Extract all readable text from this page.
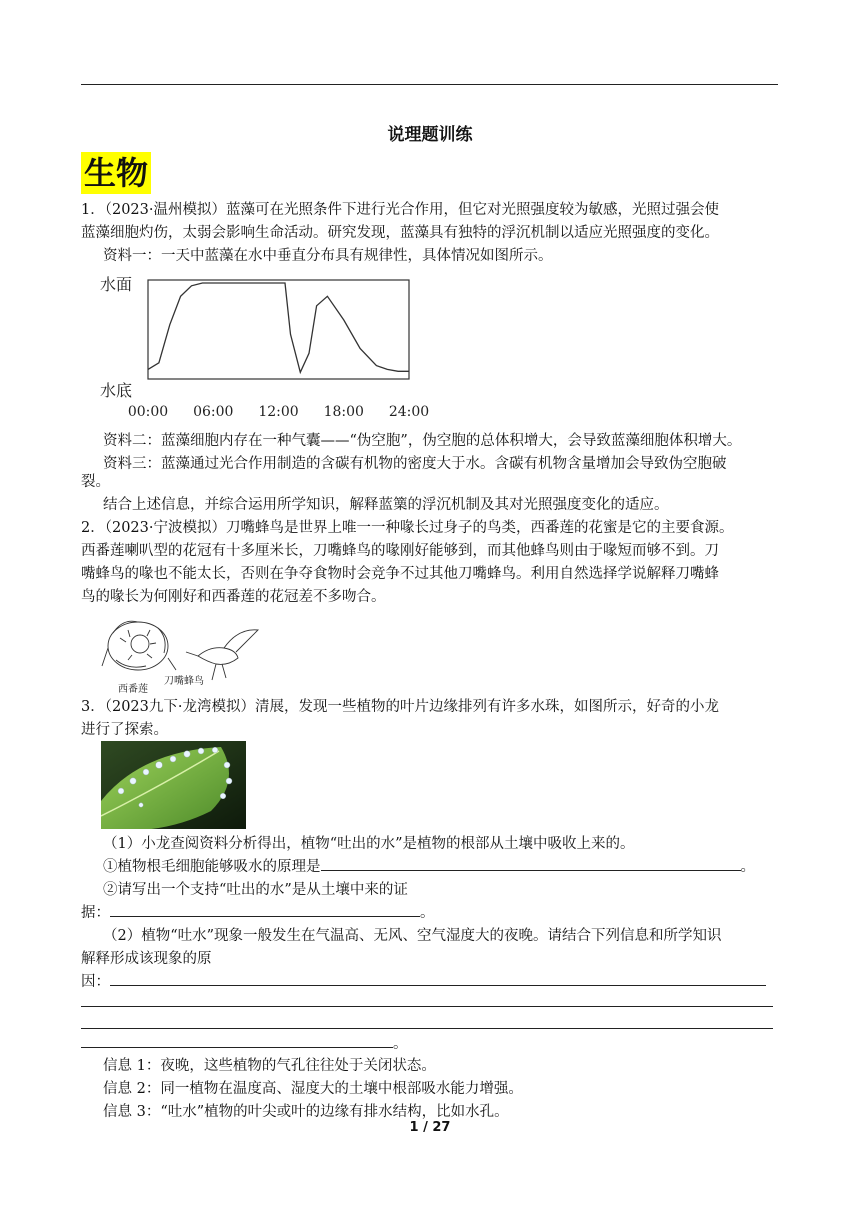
说理题训练
生物
1．（2023·温州模拟）蓝藻可在光照条件下进行光合作用，但它对光照强度较为敏感，光照过强会使
蓝藻细胞灼伤，太弱会影响生命活动。研究发现，蓝藻具有独特的浮沉机制以适应光照强度的变化。
资料一：一天中蓝藻在水中垂直分布具有规律性，具体情况如图所示。
水面
水底
00:00 06:00 12:00 18:00 24:00
资料二：蓝藻细胞内存在一种气囊——“伪空胞”，伪空胞的总体积增大，会导致蓝藻细胞体积增大。
资料三：蓝藻通过光合作用制造的含碳有机物的密度大于水。含碳有机物含量增加会导致伪空胞破
裂。
结合上述信息，并综合运用所学知识，解释蓝篥的浮沉机制及其对光照强度变化的适应。
2．（2023·宁波模拟）刀嘴蜂鸟是世界上唯一一种喙长过身子的鸟类，西番莲的花蜜是它的主要食源。
西番莲喇叭型的花冠有十多厘米长，刀嘴蜂鸟的喙刚好能够到，而其他蜂鸟则由于喙短而够不到。刀
嘴蜂鸟的喙也不能太长，否则在争夺食物时会竞争不过其他刀嘴蜂鸟。利用自然选择学说解释刀嘴蜂
鸟的喙长为何刚好和西番莲的花冠差不多吻合。
西番莲
刀嘴蜂鸟
3．（2023九下·龙湾模拟）清展，发现一些植物的叶片边缘排列有许多水珠，如图所示，好奇的小龙
进行了探索。
（1）小龙查阅资料分析得出，植物“吐出的水”是植物的根部从土壤中吸收上来的。
①植物根毛细胞能够吸水的原理是	。
②请写出一个支持“吐出的水”是从土壤中来的证
据：	。
（2）植物“吐水”现象一般发生在气温高、无风、空气湿度大的夜晚。请结合下列信息和所学知识
解释形成该现象的原
因：
。
信息 1：夜晚，这些植物的气孔往往处于关闭状态。
信息 2：同一植物在温度高、湿度大的土壤中根部吸水能力增强。
信息 3：“吐水”植物的叶尖或叶的边缘有排水结构，比如水孔。
1 / 27
